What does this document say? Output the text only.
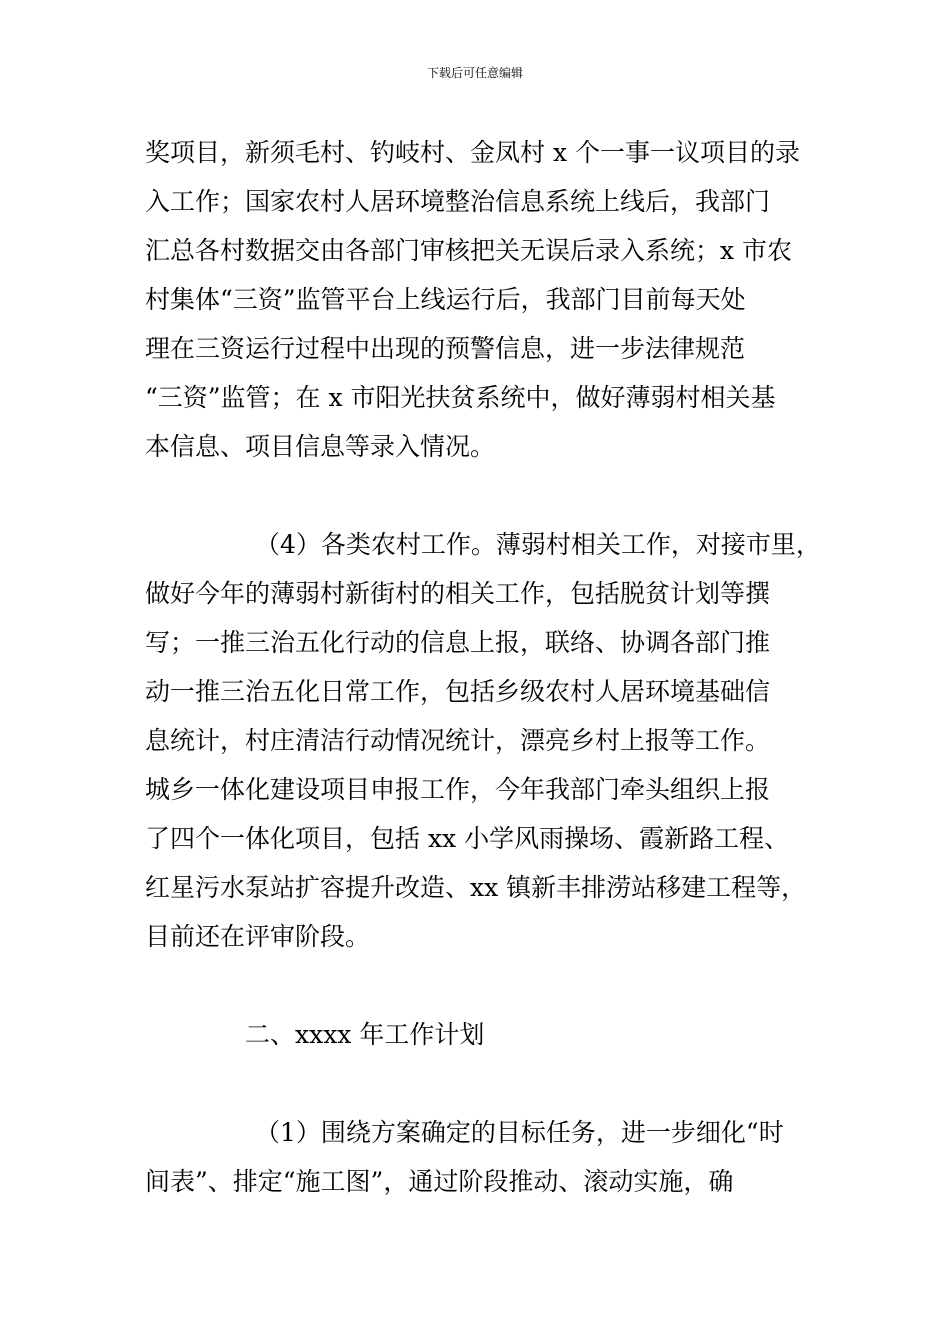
下载后可任意编辑
奖项目，新须毛村、钓岐村、金凤村 x 个一事一议项目的录
入工作；国家农村人居环境整治信息系统上线后，我部门
汇总各村数据交由各部门审核把关无误后录入系统；x 市农
村集体“三资”监管平台上线运行后，我部门目前每天处
理在三资运行过程中出现的预警信息，进一步法律规范
“三资”监管；在 x 市阳光扶贫系统中，做好薄弱村相关基
本信息、项目信息等录入情况。
（4）各类农村工作。薄弱村相关工作，对接市里，
做好今年的薄弱村新街村的相关工作，包括脱贫计划等撰
写；一推三治五化行动的信息上报，联络、协调各部门推
动一推三治五化日常工作，包括乡级农村人居环境基础信
息统计，村庄清洁行动情况统计，漂亮乡村上报等工作。
城乡一体化建设项目申报工作，今年我部门牵头组织上报
了四个一体化项目，包括 xx 小学风雨操场、霞新路工程、
红星污水泵站扩容提升改造、xx 镇新丰排涝站移建工程等，
目前还在评审阶段。
二、xxxx 年工作计划
（1）围绕方案确定的目标任务，进一步细化“时
间表”、排定“施工图”，通过阶段推动、滚动实施，确
